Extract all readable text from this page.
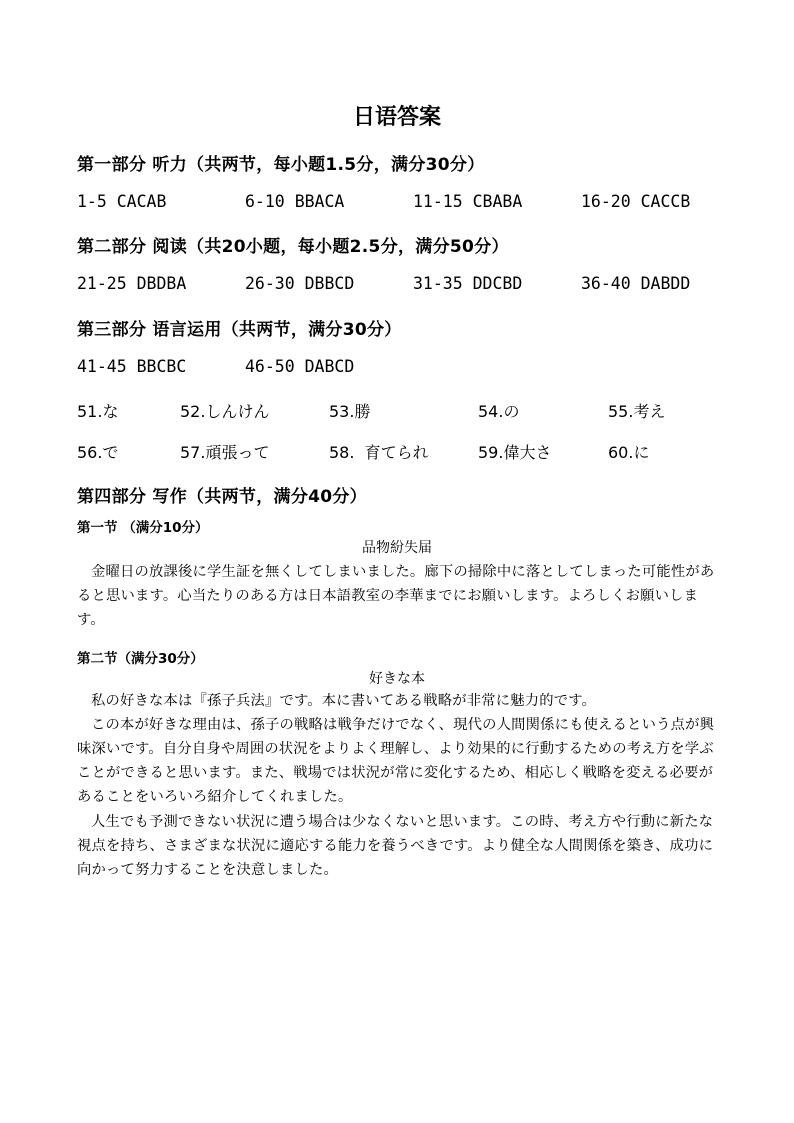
日语答案
第一部分 听力（共两节，每小题1.5分，满分30分）
1-5 CACAB	6-10 BBACA	11-15 CBABA	16-20 CACCB
第二部分 阅读（共20小题，每小题2.5分，满分50分）
21-25 DBDBA	26-30 DBBCD	31-35 DDCBD	36-40 DABDD
第三部分 语言运用（共两节，满分30分）
41-45 BBCBC	46-50 DABCD
51.な	52.しんけん	53.勝	54.の	55.考え
56.で	57.頑張って	58.  育てられ	59.偉大さ	60.に
第四部分 写作（共两节，满分40分）
第一节 （满分10分）
品物紛失届
金曜日の放課後に学生証を無くしてしまいました。廊下の掃除中に落としてしまった可能性があると思います。心当たりのある方は日本語教室の李華までにお願いします。よろしくお願いします。
第二节（满分30分）
好きな本
私の好きな本は『孫子兵法』です。本に書いてある戦略が非常に魅力的です。
この本が好きな理由は、孫子の戦略は戦争だけでなく、現代の人間関係にも使えるという点が興味深いです。自分自身や周囲の状況をよりよく理解し、より効果的に行動するための考え方を学ぶことができると思います。また、戦場では状況が常に変化するため、相応しく戦略を変える必要があることをいろいろ紹介してくれました。
人生でも予測できない状況に遭う場合は少なくないと思います。この時、考え方や行動に新たな視点を持ち、さまざまな状況に適応する能力を養うべきです。より健全な人間関係を築き、成功に向かって努力することを決意しました。
